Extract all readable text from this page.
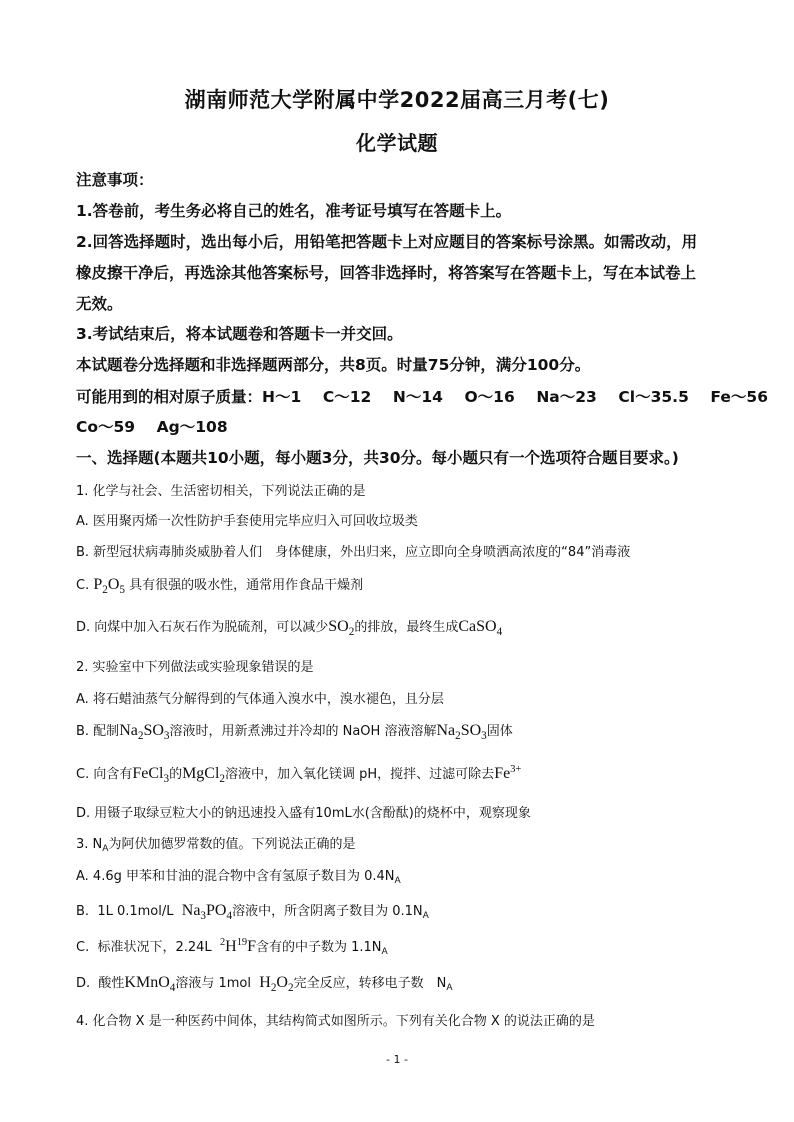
湖南师范大学附属中学2022届高三月考(七)
化学试题
注意事项：
1.答卷前，考生务必将自己的姓名，准考证号填写在答题卡上。
2.回答选择题时，选出每小后，用铅笔把答题卡上对应题目的答案标号涂黑。如需改动，用
橡皮擦干净后，再选涂其他答案标号，回答非选择时，将答案写在答题卡上，写在本试卷上
无效。
3.考试结束后，将本试题卷和答题卡一并交回。
本试题卷分选择题和非选择题两部分，共8页。时量75分钟，满分100分。
可能用到的相对原子质量：H～1    C～12    N～14    O～16    Na～23    Cl～35.5    Fe～56
Co～59    Ag～108
一、选择题(本题共10小题，每小题3分，共30分。每小题只有一个选项符合题目要求。)
1. 化学与社会、生活密切相关，下列说法正确的是
A. 医用聚丙烯一次性防护手套使用完毕应归入可回收垃圾类
B. 新型冠状病毒肺炎威胁着人们　身体健康，外出归来，应立即向全身喷洒高浓度的“84”消毒液
C. $P_2O_5$ 具有很强的吸水性，通常用作食品干燥剂
D. 向煤中加入石灰石作为脱硫剂，可以减少$SO_2$的排放，最终生成CaSO$_4$
2. 实验室中下列做法或实验现象错误的是
A. 将石蜡油蒸气分解得到的气体通入溴水中，溴水褪色，且分层
B. 配制$Na_2SO_3$溶液时，用新煮沸过并冷却的 NaOH 溶液溶解$Na_2SO_3$固体
C. 向含有FeCl$_3$的MgCl$_2$溶液中，加入氧化镁调 pH，搅拌、过滤可除去$Fe^{3+}$
D. 用镊子取绿豆粒大小的钠迅速投入盛有10mL水(含酚酞)的烧杯中，观察现象
3. $N_A$为阿伏加德罗常数的值。下列说法正确的是
A. 4.6g 甲苯和甘油的混合物中含有氢原子数目为 $0.4N_A$
B.  1L 0.1mol/L  $Na_3PO_4$溶液中，所含阴离子数目为 $0.1N_A$
C.  标准状况下，2.24L  $^2H^{19}F$含有的中子数为 $1.1N_A$
D.  酸性KMnO$_4$溶液与 1mol  $H_2O_2$完全反应，转移电子数　$N_A$
4. 化合物 X 是一种医药中间体，其结构简式如图所示。下列有关化合物 X 的说法正确的是
- 1 -
